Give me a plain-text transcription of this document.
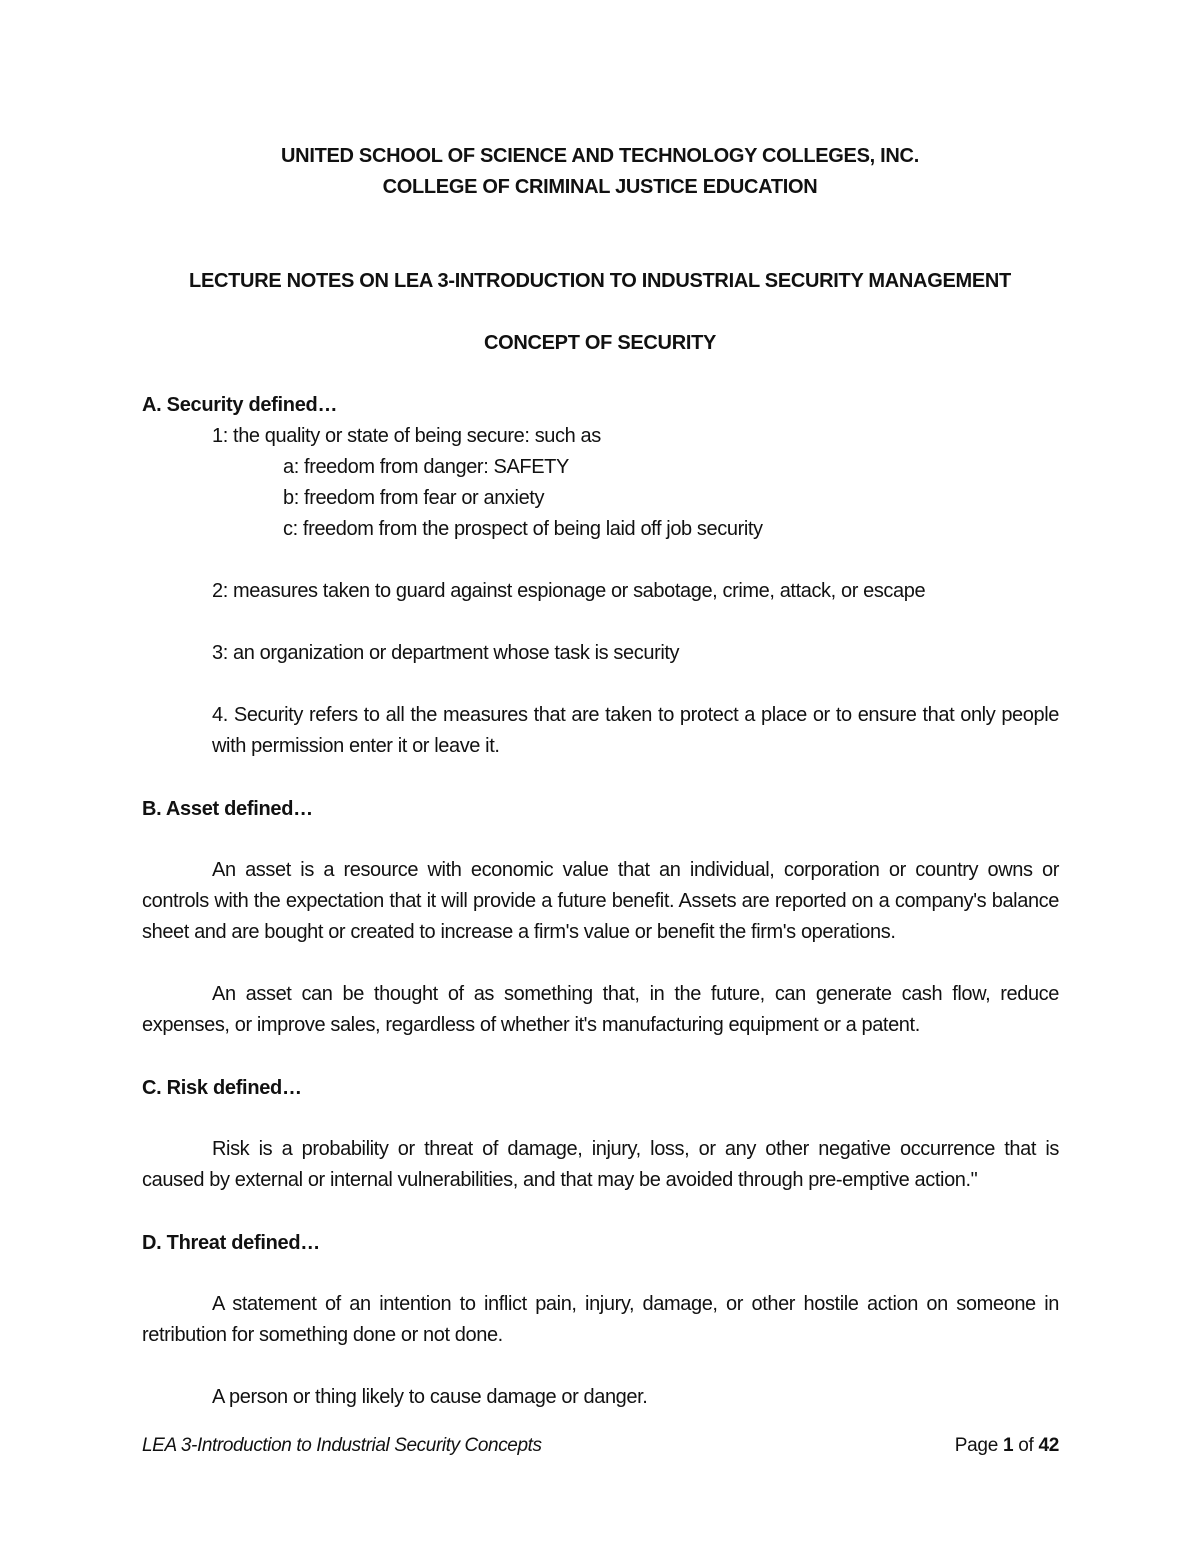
UNITED SCHOOL OF SCIENCE AND TECHNOLOGY COLLEGES, INC.
COLLEGE OF CRIMINAL JUSTICE EDUCATION
LECTURE NOTES ON LEA 3-INTRODUCTION TO INDUSTRIAL SECURITY MANAGEMENT
CONCEPT OF SECURITY
A. Security defined…
1: the quality or state of being secure: such as
a: freedom from danger: SAFETY
b: freedom from fear or anxiety
c: freedom from the prospect of being laid off job security
2: measures taken to guard against espionage or sabotage, crime, attack, or escape
3: an organization or department whose task is security
4. Security refers to all the measures that are taken to protect a place or to ensure that only people with permission enter it or leave it.
B. Asset defined…
An asset is a resource with economic value that an individual, corporation or country owns or controls with the expectation that it will provide a future benefit. Assets are reported on a company's balance sheet and are bought or created to increase a firm's value or benefit the firm's operations.
An asset can be thought of as something that, in the future, can generate cash flow, reduce expenses, or improve sales, regardless of whether it's manufacturing equipment or a patent.
C. Risk defined…
Risk is a probability or threat of damage, injury, loss, or any other negative occurrence that is caused by external or internal vulnerabilities, and that may be avoided through pre-emptive action."
D. Threat defined…
A statement of an intention to inflict pain, injury, damage, or other hostile action on someone in retribution for something done or not done.
A person or thing likely to cause damage or danger.
LEA 3-Introduction to Industrial Security Concepts	Page 1 of 42
